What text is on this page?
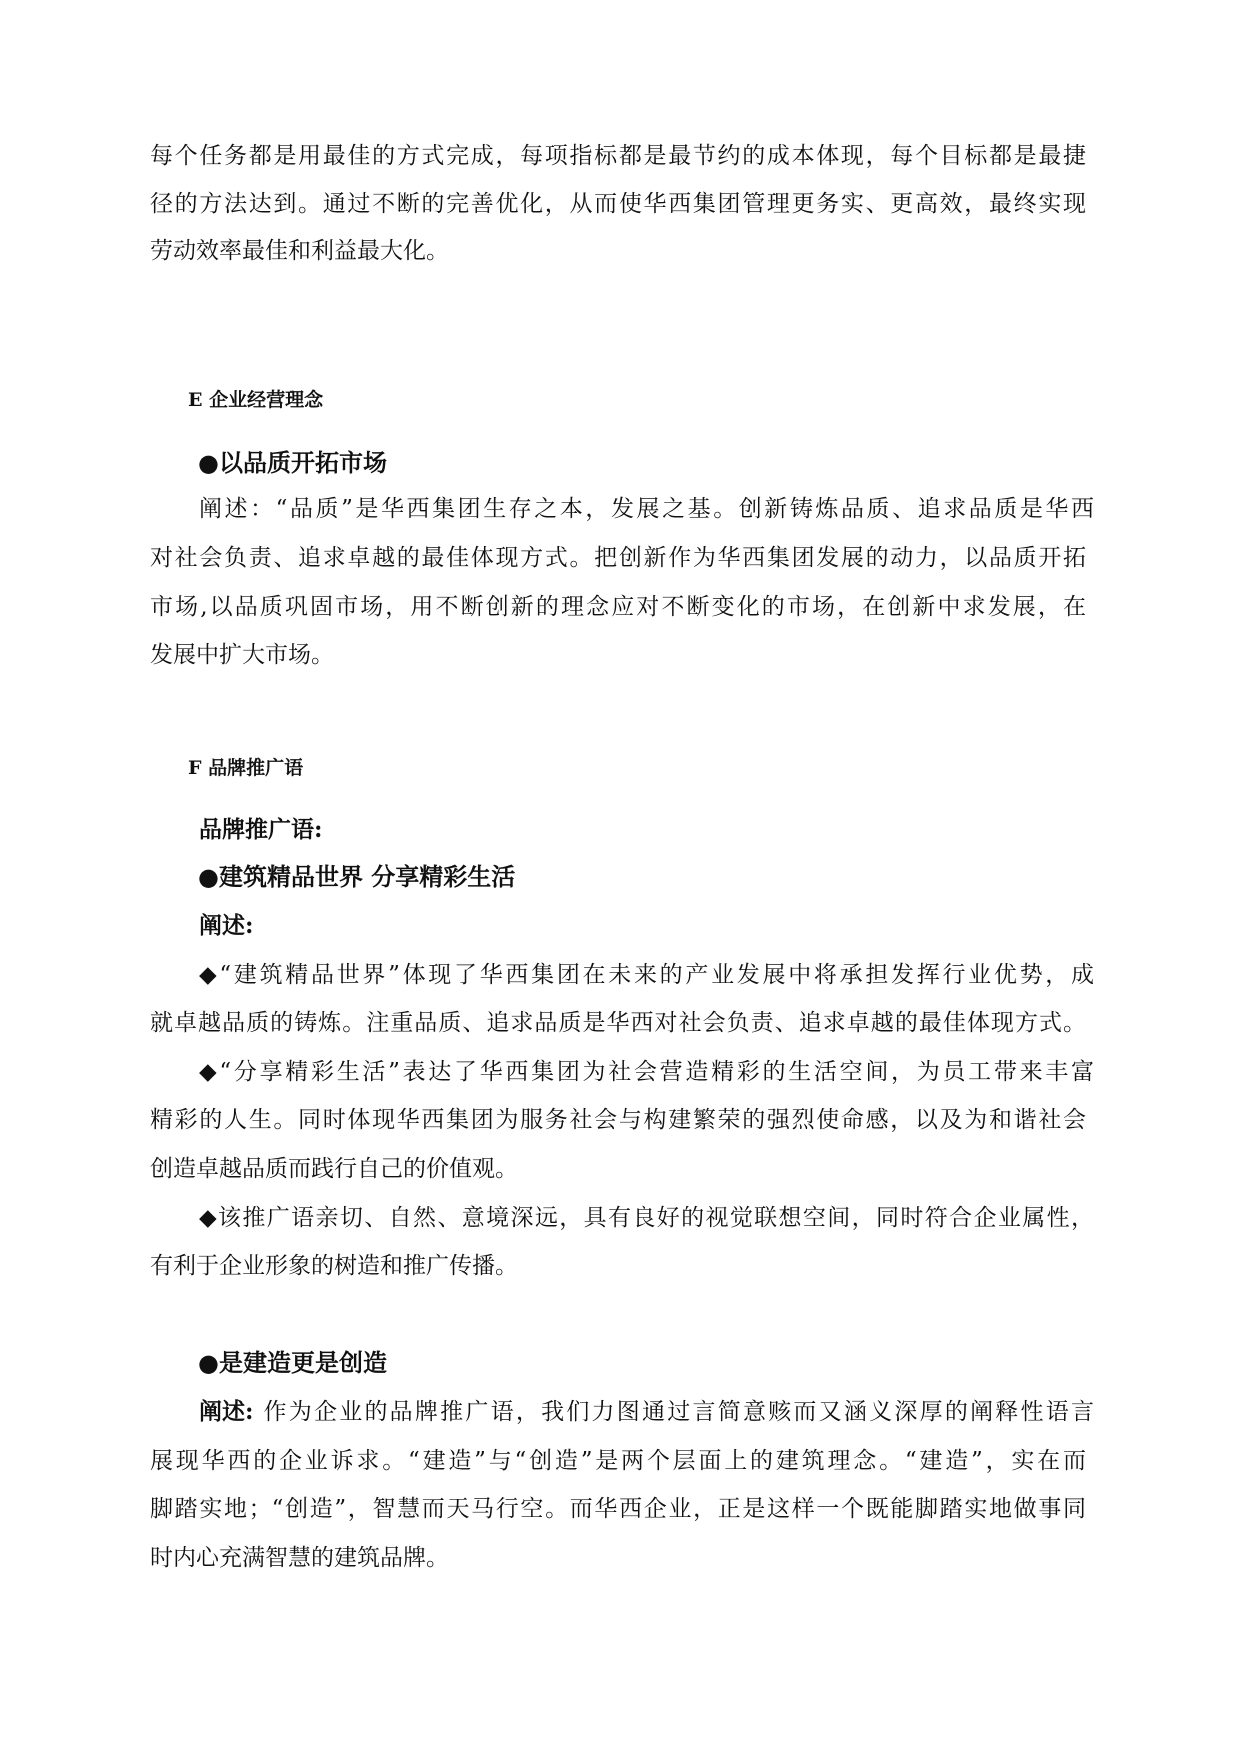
每个任务都是用最佳的方式完成，每项指标都是最节约的成本体现，每个目标都是最捷
径的方法达到。通过不断的完善优化，从而使华西集团管理更务实、更高效，最终实现
劳动效率最佳和利益最大化。
E 企业经营理念
●以品质开拓市场
阐述：“品质”是华西集团生存之本，发展之基。创新铸炼品质、追求品质是华西
对社会负责、追求卓越的最佳体现方式。把创新作为华西集团发展的动力，以品质开拓
市场,以品质巩固市场，用不断创新的理念应对不断变化的市场，在创新中求发展，在
发展中扩大市场。
F 品牌推广语
品牌推广语:
●建筑精品世界 分享精彩生活
阐述:
◆“建筑精品世界”体现了华西集团在未来的产业发展中将承担发挥行业优势，成
就卓越品质的铸炼。注重品质、追求品质是华西对社会负责、追求卓越的最佳体现方式。
◆“分享精彩生活”表达了华西集团为社会营造精彩的生活空间，为员工带来丰富
精彩的人生。同时体现华西集团为服务社会与构建繁荣的强烈使命感，以及为和谐社会
创造卓越品质而践行自己的价值观。
◆该推广语亲切、自然、意境深远，具有良好的视觉联想空间，同时符合企业属性，
有利于企业形象的树造和推广传播。
●是建造更是创造
阐述: 作为企业的品牌推广语，我们力图通过言简意赅而又涵义深厚的阐释性语言
展现华西的企业诉求。“建造”与“创造”是两个层面上的建筑理念。“建造”，实在而
脚踏实地；“创造”，智慧而天马行空。而华西企业，正是这样一个既能脚踏实地做事同
时内心充满智慧的建筑品牌。
